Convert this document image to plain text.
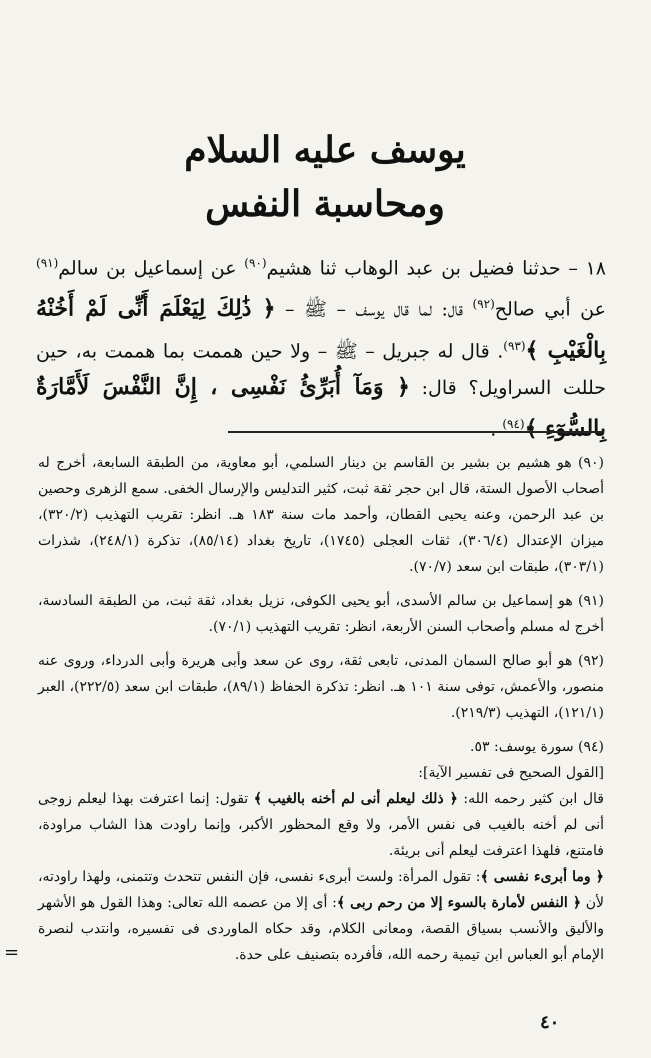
يوسف عليه السلام
ومحاسبة النفس

١٨ – حدثنا فضيل بن عبد الوهاب ثنا هشيم$^{(٩٠)}$ عن إسماعيل بن سالم$^{(٩١)}$ عن أبي صالح$^{(٩٢)}$ قال: لما قال يوسف – ﷺ – ﴿ ذَٰلِكَ لِيَعْلَمَ أَنِّى لَمْ أَخُنْهُ بِالْغَيْبِ ﴾$^{(٩٣)}$. قال له جبريل – ﷺ – ولا حين هممت بما هممت به، حين حللت السراويل؟ قال: ﴿ وَمَآ أُبَرِّئُ نَفْسِى ، إِنَّ النَّفْسَ لَأَمَّارَةٌ بِالسُّوٓءِ ﴾$^{(٩٤)}$ .

(٩٠) هو هشيم بن بشير بن القاسم بن دينار السلمي، أبو معاوية، من الطبقة السابعة، أخرج له أصحاب الأصول الستة، قال ابن حجر ثقة ثبت، كثير التدليس والإرسال الخفى. سمع الزهرى وحصين بن عبد الرحمن، وعنه يحيى القطان، وأحمد مات سنة ١٨٣ هـ. انظر: تقريب التهذيب (٣٢٠/٢)، ميزان الإعتدال (٣٠٦/٤)، ثقات العجلى (١٧٤٥)، تاريخ بغداد (٨٥/١٤)، تذكرة (٢٤٨/١)، شذرات (٣٠٣/١)، طبقات ابن سعد (٧٠/٧).

(٩١) هو إسماعيل بن سالم الأسدى، أبو يحيى الكوفى، نزيل بغداد، ثقة ثبت، من الطبقة السادسة، أخرج له مسلم وأصحاب السنن الأربعة، انظر: تقريب التهذيب (٧٠/١).

(٩٢) هو أبو صالح السمان المدنى، تابعى ثقة، روى عن سعد وأبى هريرة وأبى الدرداء، وروى عنه منصور، والأعمش، توفى سنة ١٠١ هـ. انظر: تذكرة الحفاظ (٨٩/١)، طبقات ابن سعد (٢٢٢/٥)، العبر (١٢١/١)، التهذيب (٢١٩/٣).

(٩٤) سورة يوسف: ٥٣.
[القول الصحيح فى تفسير الآية]:
قال ابن كثير رحمه الله: ﴿ ذلك ليعلم أنى لم أخنه بالغيب ﴾ تقول: إنما اعترفت بهذا ليعلم زوجى أنى لم أخنه بالغيب فى نفس الأمر، ولا وقع المحظور الأكبر، وإنما راودت هذا الشاب مراودة، فامتنع، فلهذا اعترفت ليعلم أنى بريئة.
﴿ وما أبرىء نفسى ﴾: تقول المرأة: ولست أبرىء نفسى، فإن النفس تتحدث وتتمنى، ولهذا راودته، لأن ﴿ النفس لأمارة بالسوء إلا من رحم ربى ﴾: أى إلا من عصمه الله تعالى: وهذا القول هو الأشهر والأليق والأنسب بسياق القصة، ومعانى الكلام، وقد حكاه الماوردى فى تفسيره، وانتدب لنصرة الإمام أبو العباس ابن تيمية رحمه الله، فأفرده بتصنيف على حدة.

=
٤٠
